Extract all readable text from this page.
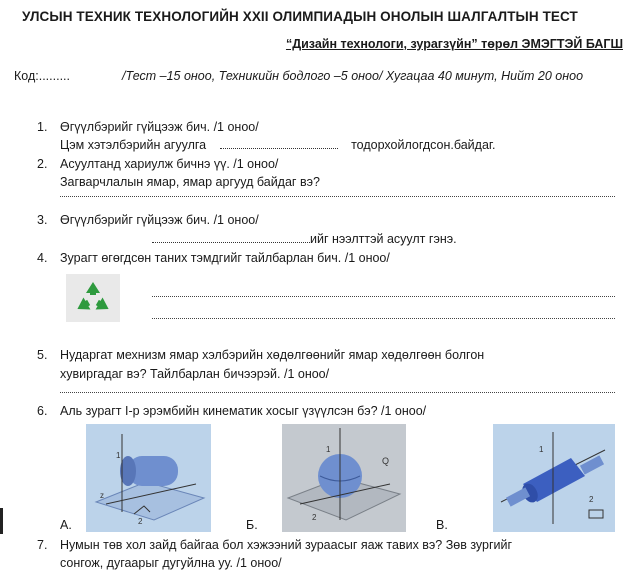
УЛСЫН ТЕХНИК ТЕХНОЛОГИЙН XXII ОЛИМПИАДЫН ОНОЛЫН ШАЛГАЛТЫН ТЕСТ
“Дизайн технологи, зурагзүйн” төрөл ЭМЭГТЭЙ БАГШ
Код:.........	/Тест –15 оноо, Техникийн бодлого –5 оноо/ Хугацаа 40 минут, Нийт 20 оноо
1. Өгүүлбэрийг гүйцээж бич. /1 оноо/
Цэм хэтэлбэрийн агуулга	тодорхойлогдсон.байдаг.
2. Асуултанд хариулж бичнэ үү. /1 оноо/
Загварчлалын ямар, ямар аргууд байдаг вэ?
3. Өгүүлбэрийг гүйцээж бич. /1 оноо/
ийг нээлттэй асуулт гэнэ.
4. Зурагт өгөгдсөн таних тэмдгийг тайлбарлан бич. /1 оноо/
5. Нударгат мехнизм ямар хэлбэрийн хөдөлгөөнийг ямар хөдөлгөөн болгон
хувиргадаг вэ? Тайлбарлан бичээрэй. /1 оноо/
6. Аль зурагт I-р эрэмбийн кинематик хосыг үзүүлсэн бэ? /1 оноо/
z
2
1
А.
Q
1
2
Б.
1
2
В.
7. Нумын төв хол зайд байгаа бол хэжээний зураасыг яаж тавих вэ? Зөв зургийг
сонгож, дугаарыг дугуйлна уу. /1 оноо/
